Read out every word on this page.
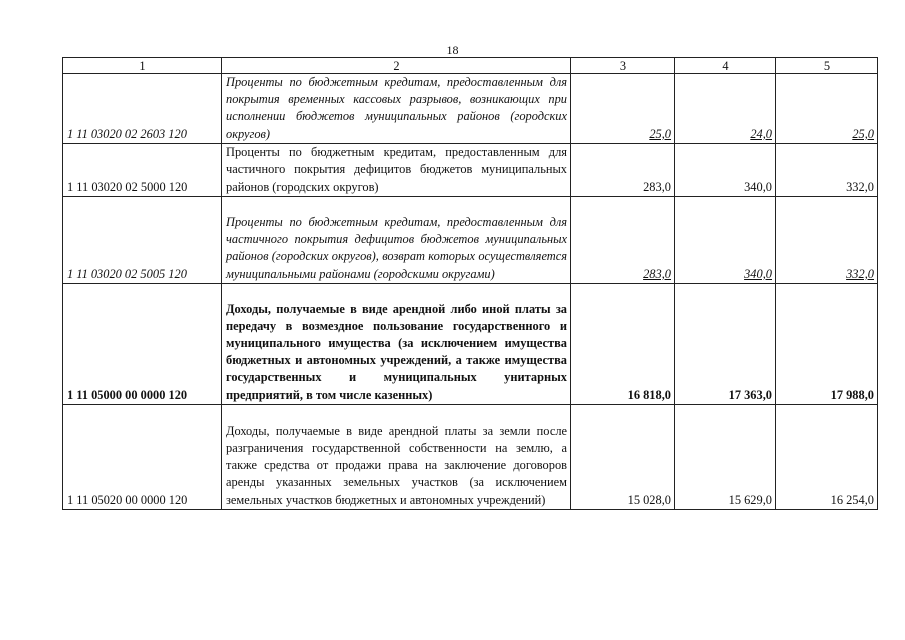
18
1	2	3	4	5
1 11 03020 02 2603 120	Проценты по бюджетным кредитам, предоставленным для покрытия временных кассовых разрывов, возникающих при исполнении бюджетов муниципальных районов (городских округов)	25,0	24,0	25,0
1 11 03020 02 5000 120	Проценты по бюджетным кредитам, предоставленным для частичного покрытия дефицитов бюджетов муниципальных районов (городских округов)	283,0	340,0	332,0
1 11 03020 02 5005 120	Проценты по бюджетным кредитам, предоставленным для частичного покрытия дефицитов бюджетов муниципальных районов (городских округов), возврат которых осуществляется муниципальными районами (городскими округами)	283,0	340,0	332,0
1 11 05000 00 0000 120	Доходы, получаемые в виде арендной либо иной платы за передачу в возмездное пользование государственного и муниципального имущества (за исключением имущества бюджетных и автономных учреждений, а также имущества государственных и муниципальных унитарных предприятий, в том числе казенных)	16 818,0	17 363,0	17 988,0
1 11 05020 00 0000 120	Доходы, получаемые в виде арендной платы за земли после разграничения государственной собственности на землю, а также средства от продажи права на заключение договоров аренды указанных земельных участков (за исключением земельных участков бюджетных и автономных учреждений)	15 028,0	15 629,0	16 254,0
